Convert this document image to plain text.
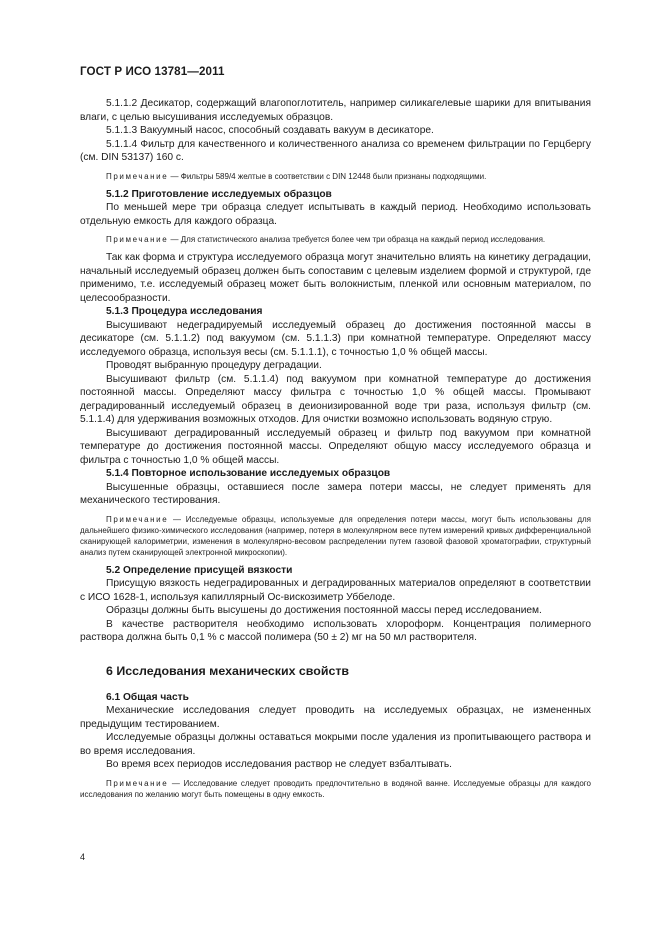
ГОСТ Р ИСО 13781—2011

5.1.1.2 Десикатор, содержащий влагопоглотитель, например силикагелевые шарики для впитывания влаги, с целью высушивания исследуемых образцов.

5.1.1.3 Вакуумный насос, способный создавать вакуум в десикаторе.

5.1.1.4 Фильтр для качественного и количественного анализа со временем фильтрации по Герцбергу (см. DIN 53137) 160 с.

Примечание — Фильтры 589/4 желтые в соответствии с DIN 12448 были признаны подходящими.

5.1.2 Приготовление исследуемых образцов

По меньшей мере три образца следует испытывать в каждый период. Необходимо использовать отдельную емкость для каждого образца.

Примечание — Для статистического анализа требуется более чем три образца на каждый период исследования.

Так как форма и структура исследуемого образца могут значительно влиять на кинетику деградации, начальный исследуемый образец должен быть сопоставим с целевым изделием формой и структурой, где применимо, т.е. исследуемый образец может быть волокнистым, пленкой или основным материалом, по целесообразности.

5.1.3 Процедура исследования

Высушивают недеградируемый исследуемый образец до достижения постоянной массы в десикаторе (см. 5.1.1.2) под вакуумом (см. 5.1.1.3) при комнатной температуре. Определяют массу исследуемого образца, используя весы (см. 5.1.1.1), с точностью 1,0 % общей массы.

Проводят выбранную процедуру деградации.

Высушивают фильтр (см. 5.1.1.4) под вакуумом при комнатной температуре до достижения постоянной массы. Определяют массу фильтра с точностью 1,0 % общей массы. Промывают деградированный исследуемый образец в деионизированной воде три раза, используя фильтр (см. 5.1.1.4) для удерживания возможных отходов. Для очистки возможно использовать водяную струю.

Высушивают деградированный исследуемый образец и фильтр под вакуумом при комнатной температуре до достижения постоянной массы. Определяют общую массу исследуемого образца и фильтра с точностью 1,0 % общей массы.

5.1.4 Повторное использование исследуемых образцов

Высушенные образцы, оставшиеся после замера потери массы, не следует применять для механического тестирования.

Примечание — Исследуемые образцы, используемые для определения потери массы, могут быть использованы для дальнейшего физико-химического исследования (например, потеря в молекулярном весе путем измерений кривых дифференциальной сканирующей калориметрии, изменения в молекулярно-весовом распределении путем газовой фазовой хроматографии, структурный анализ путем сканирующей электронной микроскопии).

5.2 Определение присущей вязкости

Присущую вязкость недеградированных и деградированных материалов определяют в соответствии с ИСО 1628-1, используя капиллярный Ос-вискозиметр Уббелоде.

Образцы должны быть высушены до достижения постоянной массы перед исследованием.

В качестве растворителя необходимо использовать хлороформ. Концентрация полимерного раствора должна быть 0,1 % с массой полимера (50 ± 2) мг на 50 мл растворителя.

6 Исследования механических свойств

6.1 Общая часть

Механические исследования следует проводить на исследуемых образцах, не измененных предыдущим тестированием.

Исследуемые образцы должны оставаться мокрыми после удаления из пропитывающего раствора и во время исследования.

Во время всех периодов исследования раствор не следует взбалтывать.

Примечание — Исследование следует проводить предпочтительно в водяной ванне. Исследуемые образцы для каждого исследования по желанию могут быть помещены в одну емкость.

4
